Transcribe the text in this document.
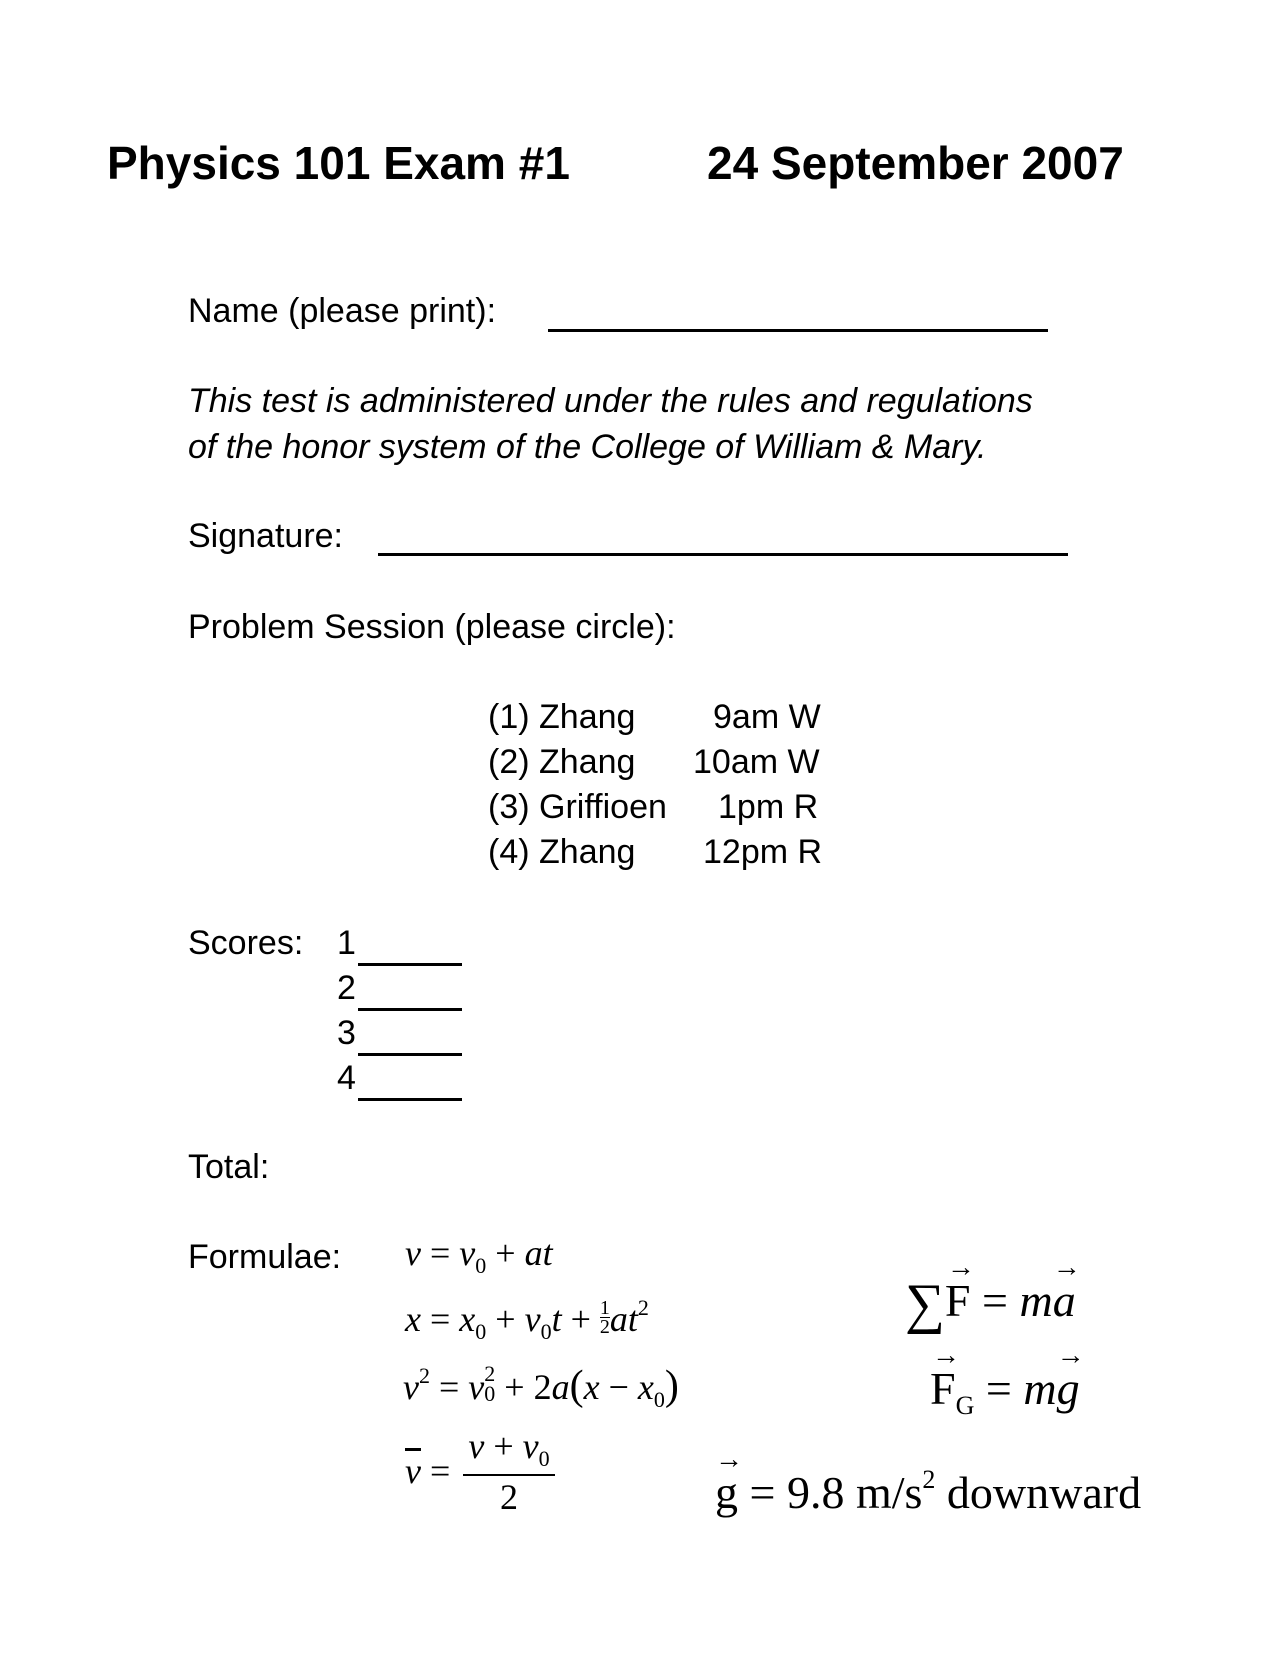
Physics 101 Exam #1	24 September 2007
Name (please print):
This test is administered under the rules and regulations
of the honor system of the College of William & Mary.
Signature:
Problem Session (please circle):
(1) Zhang 9am W
(2) Zhang 10am W
(3) Griffioen 1pm R
(4) Zhang 12pm R
Scores: 1
2
3
4
Total:
Formulae: $v = v_0$ + at
$x = x_0 + v_0t + \frac{1}{2} at^2$
$v^2 = v$ 2
$0 + 2a(x - x_0)$
$\overline{v}$ =
$v + v_0$
2
∑F
→
= ma
→
F
→
$_G$ = mg
→
g
→
= 9.8 $m/s^2$ downward
